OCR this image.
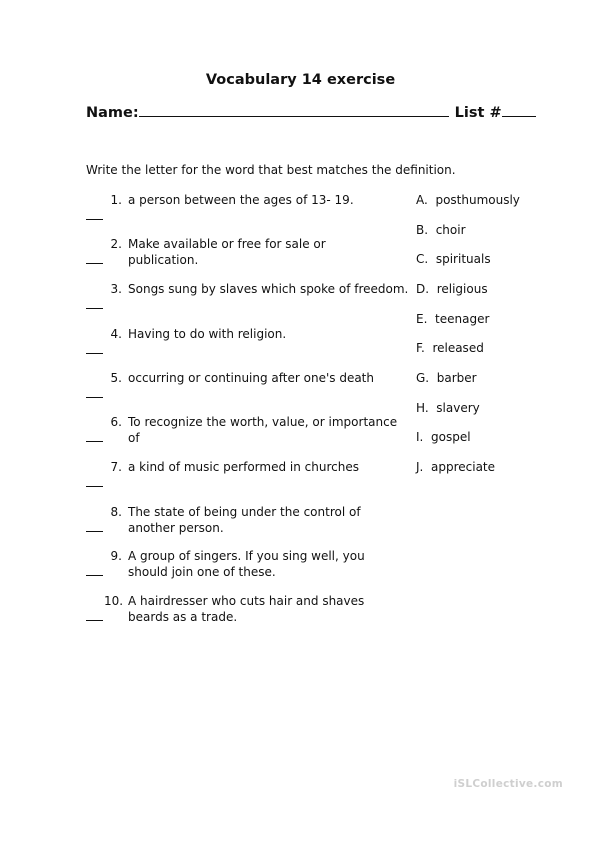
Vocabulary 14 exercise
Name:	List #
Write the letter for the word that best matches the definition.
1. a person between the ages of 13- 19.
2. Make available or free for sale or publication.
3. Songs sung by slaves which spoke of freedom.
4. Having to do with religion.
5. occurring or continuing after one's death
6. To recognize the worth, value, or importance of
7. a kind of music performed in churches
8. The state of being under the control of another person.
9. A group of singers. If you sing well, you should join one of these.
10. A hairdresser who cuts hair and shaves beards as a trade.
A. posthumously
B. choir
C. spirituals
D. religious
E. teenager
F. released
G. barber
H. slavery
I. gospel
J. appreciate
iSLCollective.com
